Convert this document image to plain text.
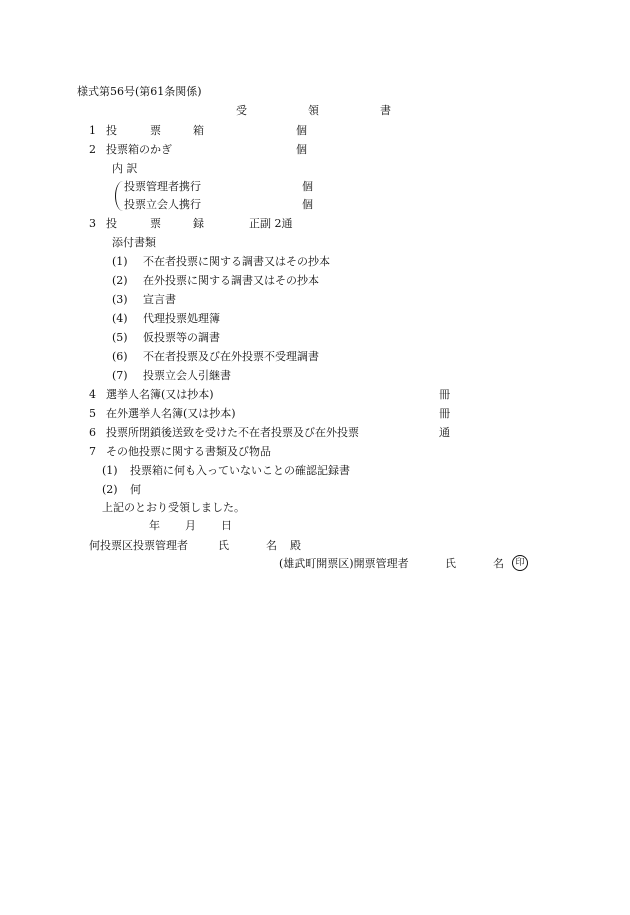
様式第56号(第61条関係)
受	領	書
1 投	票	箱	個
2 投票箱のかぎ	個
内 訳
投票管理者携行	個
投票立会人携行	個
3 投	票	録	正副 2通
添付書類
(1) 不在者投票に関する調書又はその抄本
(2) 在外投票に関する調書又はその抄本
(3) 宣言書
(4) 代理投票処理簿
(5) 仮投票等の調書
(6) 不在者投票及び在外投票不受理調書
(7) 投票立会人引継書
4 選挙人名簿(又は抄本)	冊
5 在外選挙人名簿(又は抄本)	冊
6 投票所閉鎖後送致を受けた不在者投票及び在外投票	通
7 その他投票に関する書類及び物品
(1) 投票箱に何も入っていないことの確認記録書
(2) 何
上記のとおり受領しました。
年 月 日
何投票区投票管理者	氏	名 殿
(雄武町開票区)開票管理者	氏	名	印
